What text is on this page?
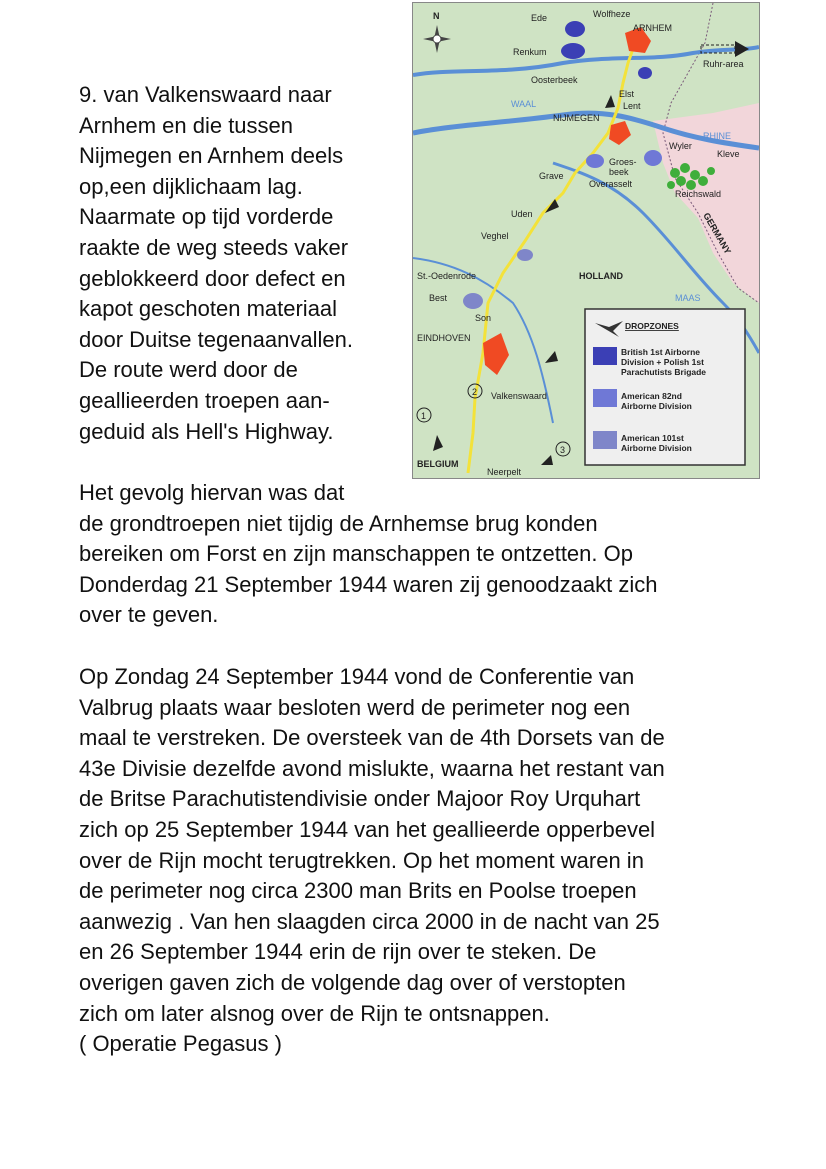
9. van Valkenswaard naar
Arnhem en die tussen
Nijmegen en Arnhem deels
op,een dijklichaam lag.
Naarmate op tijd vorderde
raakte de weg steeds vaker
geblokkeerd door defect en
kapot geschoten materiaal
door Duitse tegenaanvallen.
De route werd door de
geallieerden troepen aan-
geduid als Hell's Highway.

Het gevolg hiervan was dat
de grondtroepen niet tijdig de Arnhemse brug konden
bereiken om Forst en zijn manschappen te ontzetten. Op
Donderdag 21 September 1944 waren zij genoodzaakt zich
over te geven.

Op Zondag 24 September 1944 vond de Conferentie van
Valbrug plaats waar besloten werd de perimeter nog een
maal te verstreken. De oversteek van de 4th Dorsets van de
43e Divisie dezelfde avond mislukte, waarna het restant van
de Britse Parachutistendivisie onder Majoor Roy Urquhart
zich op 25 September 1944 van het geallieerde opperbevel
over de Rijn mocht terugtrekken. Op het moment waren in
de perimeter nog circa 2300 man Brits en Poolse troepen
aanwezig . Van hen slaagden circa 2000 in de nacht van 25
en 26 September 1944 erin de rijn over te steken. De
overigen gaven zich de volgende dag over of verstopten
zich om later alsnog over de Rijn te ontsnappen.
( Operatie Pegasus )

N	Ede	Wolfheze
ARNHEM
Renkum
Ruhr-area
Oosterbeek
Elst
Lent
WAAL
NIJMEGEN
RHINE
Wyler
Kleve
Groes-
beek
Grave
Overasselt
Reichswald
Uden	GERMANY
Veghel
St.-Oedenrode	HOLLAND
Best
Son
MAAS
EINDHOVEN
Valkenswaard
BELGIUM
Neerpelt
1
2
3
DROPZONES
British 1st Airborne
Division + Polish 1st
Parachutists Brigade
American 82nd
Airborne Division
American 101st
Airborne Division
